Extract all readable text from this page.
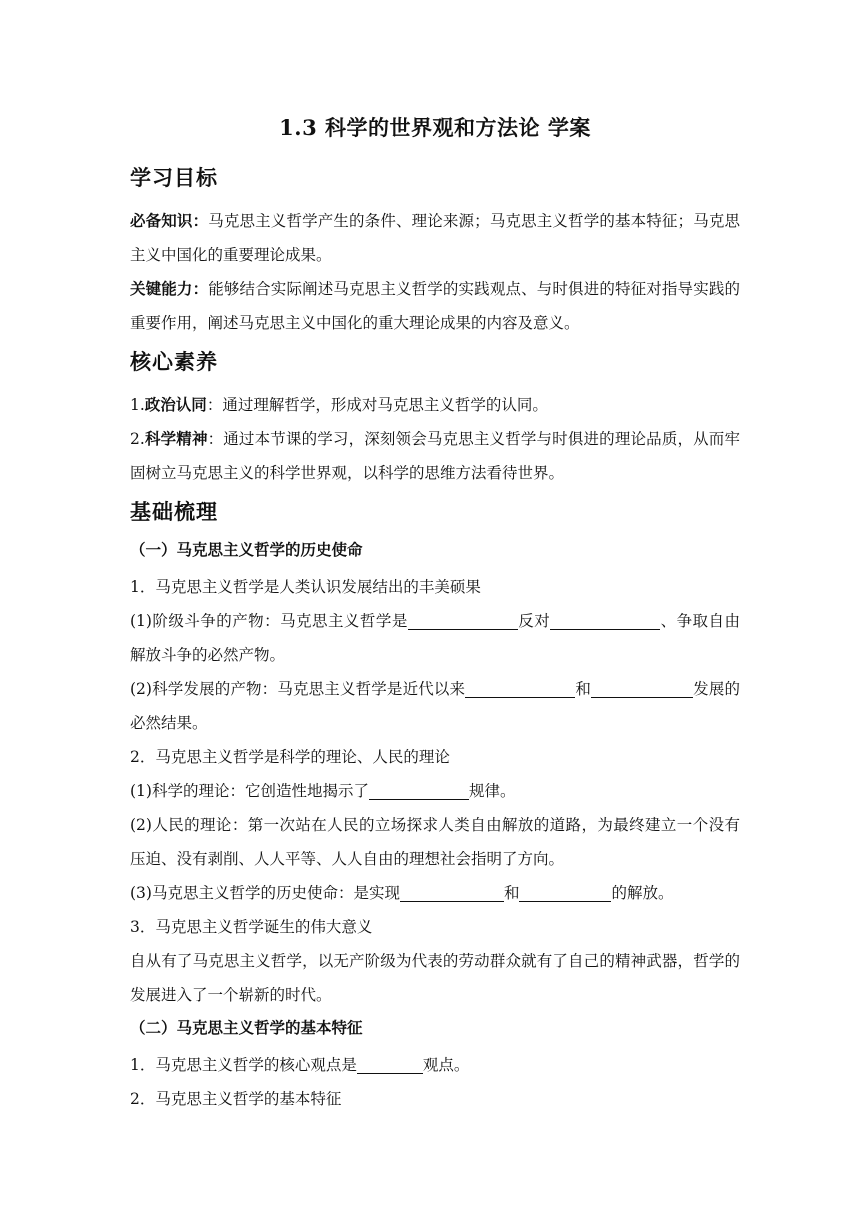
1.3 科学的世界观和方法论 学案
学习目标

必备知识：马克思主义哲学产生的条件、理论来源；马克思主义哲学的基本特征；马克思主义中国化的重要理论成果。

关键能力：能够结合实际阐述马克思主义哲学的实践观点、与时俱进的特征对指导实践的重要作用，阐述马克思主义中国化的重大理论成果的内容及意义。

核心素养

1.政治认同：通过理解哲学，形成对马克思主义哲学的认同。

2.科学精神：通过本节课的学习，深刻领会马克思主义哲学与时俱进的理论品质，从而牢固树立马克思主义的科学世界观，以科学的思维方法看待世界。

基础梳理
（一）马克思主义哲学的历史使命

1．马克思主义哲学是人类认识发展结出的丰美硕果

(1)阶级斗争的产物：马克思主义哲学是	反对	、争取自由解放斗争的必然产物。

(2)科学发展的产物：马克思主义哲学是近代以来	和	发展的必然结果。

2．马克思主义哲学是科学的理论、人民的理论

(1)科学的理论：它创造性地揭示了	规律。

(2)人民的理论：第一次站在人民的立场探求人类自由解放的道路，为最终建立一个没有压迫、没有剥削、人人平等、人人自由的理想社会指明了方向。

(3)马克思主义哲学的历史使命：是实现	和	的解放。

3．马克思主义哲学诞生的伟大意义

自从有了马克思主义哲学，以无产阶级为代表的劳动群众就有了自己的精神武器，哲学的发展进入了一个崭新的时代。

（二）马克思主义哲学的基本特征

1．马克思主义哲学的核心观点是	观点。

2．马克思主义哲学的基本特征
